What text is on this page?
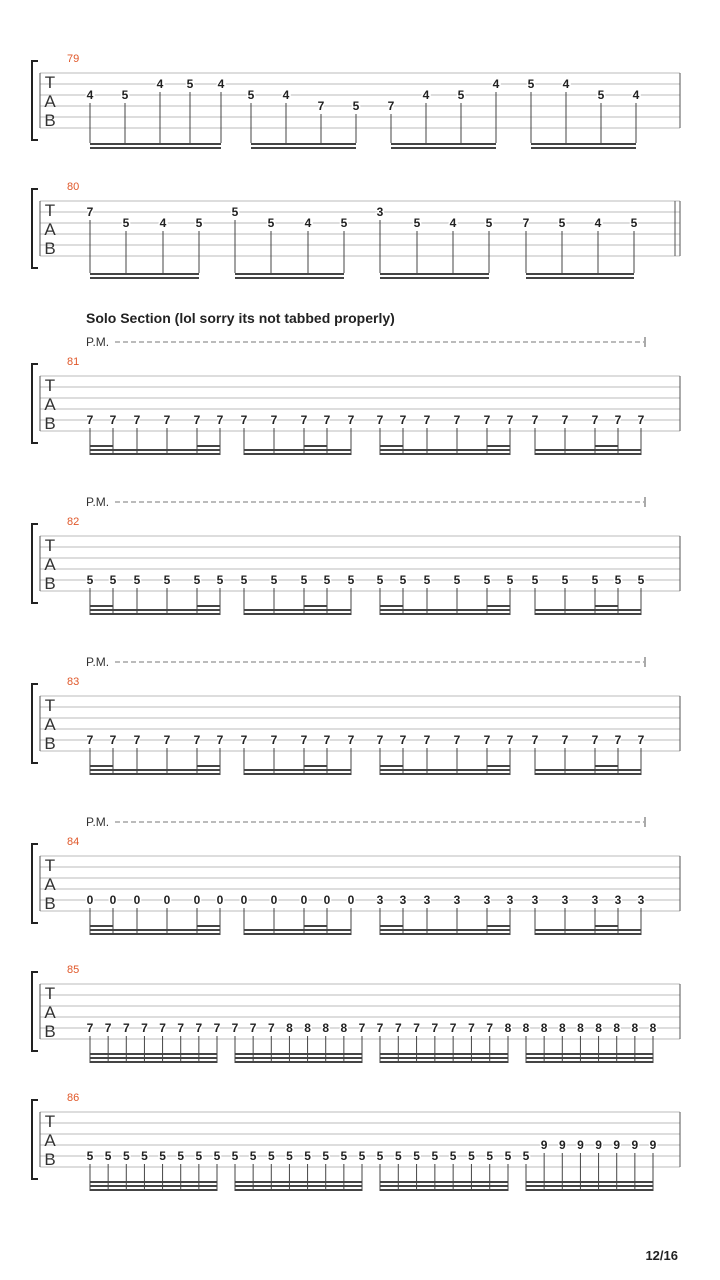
T
A
B
79
4 5
4 5 4
5 4
7 5 7
4 5
4 5 4
5 4
T
A
B
80
7
5	4 5
5
5	4 5
3
5 4 5	7 5 4 5
T
A
B
81
P.M.
7 7 7 7 7 7 7 7 7 7 7 7 7 7 7 7 7 7 7 7 7 7
T
A
B
82
P.M.
5 5 5 5 5 5 5 5 5 5 5 5 5 5 5 5 5 5 5 5 5 5
T
A
B
83
P.M.
7 7 7 7 7 7 7 7 7 7 7 7 7 7 7 7 7 7 7 7 7 7
T
A
B
84
P.M.
0 0 0 0 0 0 0 0 0 0 0 3 3 3 3 3 3 3 3 3 3 3
T
A
B
85
7 7 7 7 7 7 7 7 7 7 7 8 8 8 8 7 7 7 7 7 7 7 7 8 8 8 8 8 8 8 8 8
T
A
B
86
5 5 5 5 5 5 5 5 5 5 5 5 5 5 5 5 5 5 5 5 5 5 5 5 5
9 9 9 9 9 9 9
Solo Section (lol sorry its not tabbed properly)
12/16
